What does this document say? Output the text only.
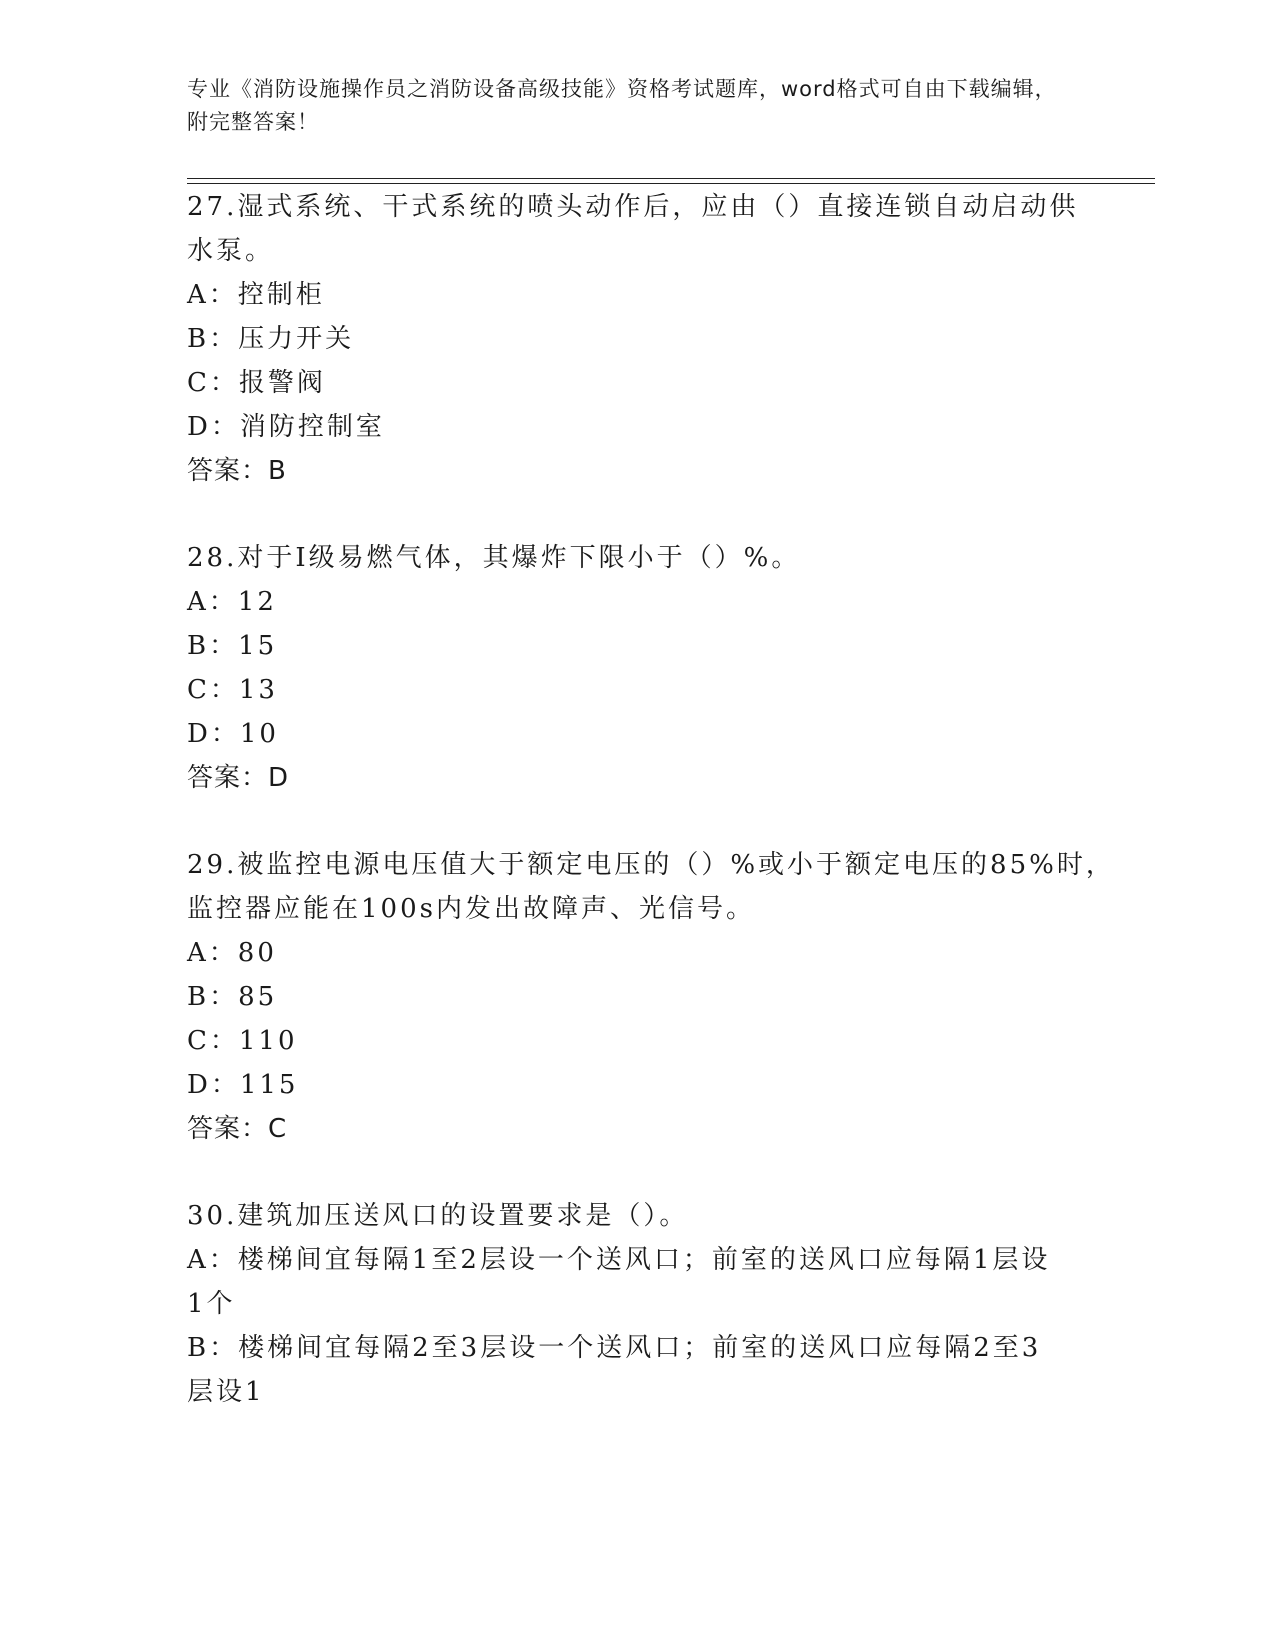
专业《消防设施操作员之消防设备高级技能》资格考试题库，word格式可自由下载编辑，附完整答案！
27.湿式系统、干式系统的喷头动作后，应由（）直接连锁自动启动供
水泵。
A：控制柜
B：压力开关
C：报警阀
D：消防控制室
答案：B
28.对于Ⅰ级易燃气体，其爆炸下限小于（）%。
A：12
B：15
C：13
D：10
答案：D
29.被监控电源电压值大于额定电压的（）%或小于额定电压的85%时，
监控器应能在100s内发出故障声、光信号。
A：80
B：85
C：110
D：115
答案：C
30.建筑加压送风口的设置要求是（）。
A：楼梯间宜每隔1至2层设一个送风口；前室的送风口应每隔1层设
1个
B：楼梯间宜每隔2至3层设一个送风口；前室的送风口应每隔2至3
层设1
